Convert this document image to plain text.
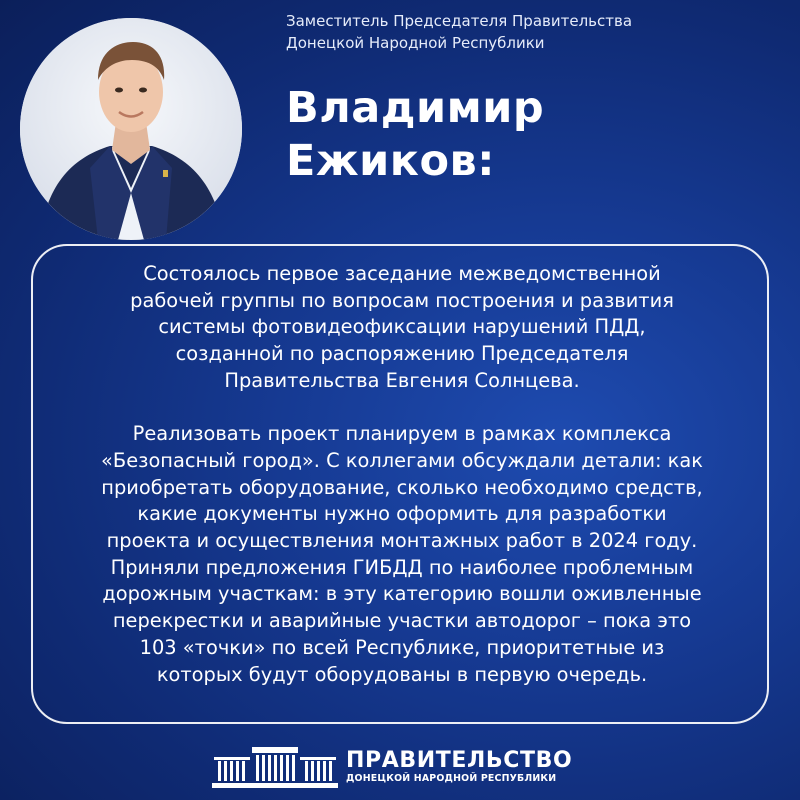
Заместитель Председателя Правительства
Донецкой Народной Республики
Владимир
Ежиков:
Состоялось первое заседание межведомственной
рабочей группы по вопросам построения и развития
системы фотовидеофиксации нарушений ПДД,
созданной по распоряжению Председателя
Правительства Евгения Солнцева.
Реализовать проект планируем в рамках комплекса
«Безопасный город». С коллегами обсуждали детали: как
приобретать оборудование, сколько необходимо средств,
какие документы нужно оформить для разработки
проекта и осуществления монтажных работ в 2024 году.
Приняли предложения ГИБДД по наиболее проблемным
дорожным участкам: в эту категорию вошли оживленные
перекрестки и аварийные участки автодорог – пока это
103 «точки» по всей Республике, приоритетные из
которых будут оборудованы в первую очередь.
ПРАВИТЕЛЬСТВО
ДОНЕЦКОЙ НАРОДНОЙ РЕСПУБЛИКИ
